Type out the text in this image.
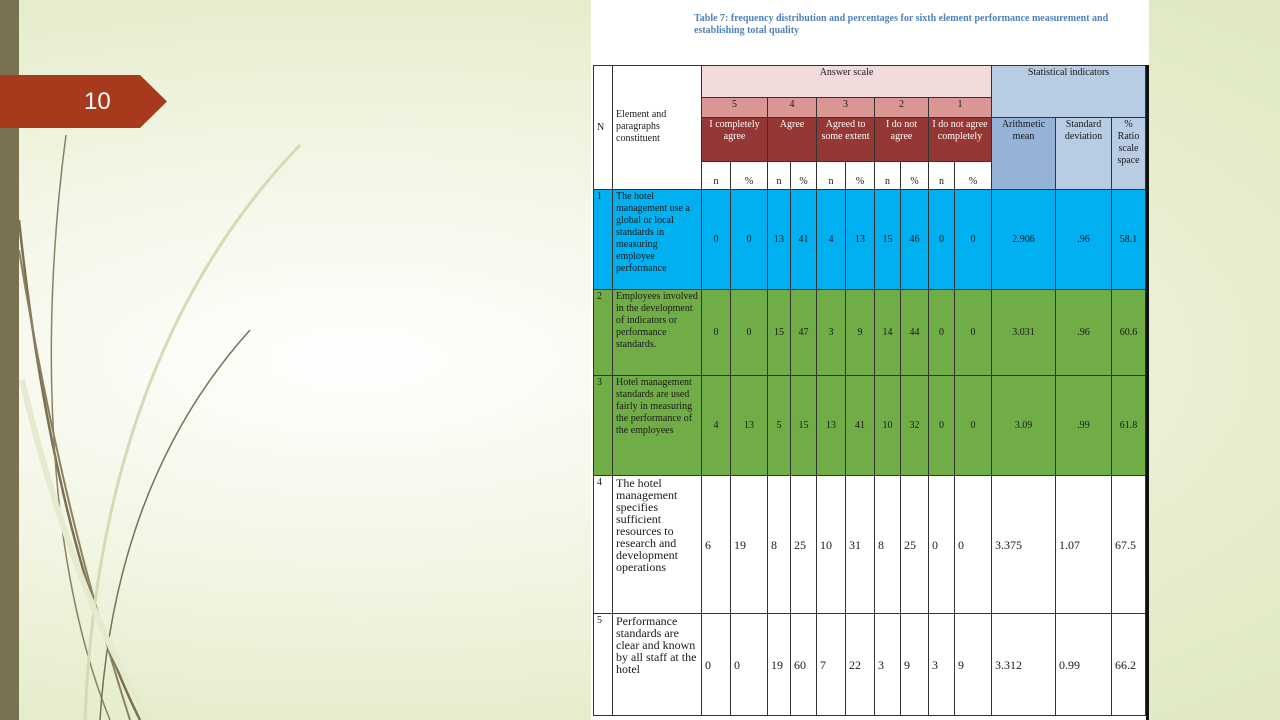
10
Table 7: frequency distribution and percentages for sixth element performance measurement and establishing total quality
N	Element and paragraphs constituent	Answer scale										Statistical indicators		
		5		4		3		2		1				
		I completely agree		Agree		Agreed to some extent		I do not agree		I do not agree completely		Arithmetic mean	Standard deviation	% Ratio scale space
		n	%	n	%	n	%	n	%	n	%			
1	The hotel management use a global or local standards in measuring employee performance	0	0	13	41	4	13	15	46	0	0	2.906	.96	58.1
2	Employees involved in the development of indicators or performance standards.	0	0	15	47	3	9	14	44	0	0	3.031	.96	60.6
3	Hotel management standards are used fairly in measuring the performance of the employees	4	13	5	15	13	41	10	32	0	0	3.09	.99	61.8
4	The hotel management specifies sufficient resources to research and development operations	6	19	8	25	10	31	8	25	0	0	3.375	1.07	67.5
5	Performance standards are clear and known by all staff at the hotel	0	0	19	60	7	22	3	9	3	9	3.312	0.99	66.2
